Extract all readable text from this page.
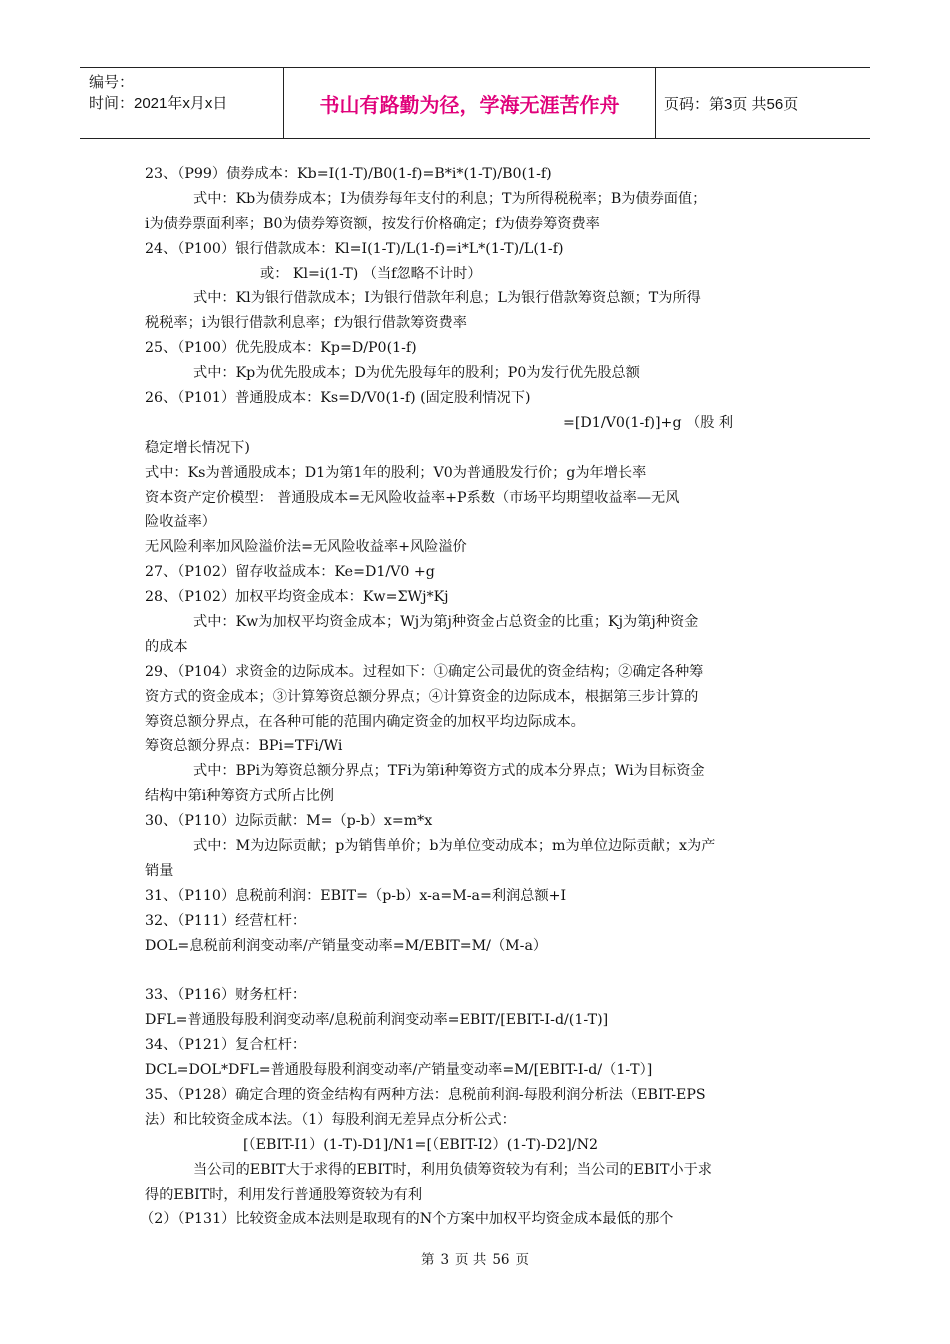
编号：
时间：2021年x月x日	书山有路勤为径，学海无涯苦作舟	页码：第3页 共56页
23、（P99）债券成本：Kb=I(1-T)/B0(1-f)=B*i*(1-T)/B0(1-f)
式中：Kb为债券成本；I为债券每年支付的利息；T为所得税税率；B为债券面值；
i为债券票面利率；B0为债券筹资额，按发行价格确定；f为债券筹资费率
24、（P100）银行借款成本：Kl=I(1-T)/L(1-f)=i*L*(1-T)/L(1-f)
或： Kl=i(1-T) （当f忽略不计时）
式中：Kl为银行借款成本；I为银行借款年利息；L为银行借款筹资总额；T为所得
税税率；i为银行借款利息率；f为银行借款筹资费率
25、（P100）优先股成本：Kp=D/P0(1-f)
式中：Kp为优先股成本；D为优先股每年的股利；P0为发行优先股总额
26、（P101）普通股成本：Ks=D/V0(1-f) (固定股利情况下)
=[D1/V0(1-f)]+g （股 利
稳定增长情况下)
式中：Ks为普通股成本；D1为第1年的股利；V0为普通股发行价；g为年增长率
资本资产定价模型： 普通股成本=无风险收益率+P系数（市场平均期望收益率—无风
险收益率）
无风险利率加风险溢价法=无风险收益率+风险溢价
27、（P102）留存收益成本：Ke=D1/V0 +g
28、（P102）加权平均资金成本：Kw=ΣWj*Kj
式中：Kw为加权平均资金成本；Wj为第j种资金占总资金的比重；Kj为第j种资金
的成本
29、（P104）求资金的边际成本。过程如下：①确定公司最优的资金结构；②确定各种筹
资方式的资金成本；③计算筹资总额分界点；④计算资金的边际成本，根据第三步计算的
筹资总额分界点，在各种可能的范围内确定资金的加权平均边际成本。
筹资总额分界点：BPi=TFi/Wi
式中：BPi为筹资总额分界点；TFi为第i种筹资方式的成本分界点；Wi为目标资金
结构中第i种筹资方式所占比例
30、（P110）边际贡献：M=（p-b）x=m*x
式中：M为边际贡献；p为销售单价；b为单位变动成本；m为单位边际贡献；x为产
销量
31、（P110）息税前利润：EBIT=（p-b）x-a=M-a=利润总额+I
32、（P111）经营杠杆：
DOL=息税前利润变动率/产销量变动率=M/EBIT=M/（M-a）
33、（P116）财务杠杆：
DFL=普通股每股利润变动率/息税前利润变动率=EBIT/[EBIT-I-d/(1-T)]
34、（P121）复合杠杆：
DCL=DOL*DFL=普通股每股利润变动率/产销量变动率=M/[EBIT-I-d/（1-T）]
35、（P128）确定合理的资金结构有两种方法：息税前利润-每股利润分析法（EBIT-EPS
法）和比较资金成本法。（1）每股利润无差异点分析公式：
[（EBIT-I1）(1-T)-D1]/N1=[（EBIT-I2）(1-T)-D2]/N2
当公司的EBIT大于求得的EBIT时，利用负债筹资较为有利；当公司的EBIT小于求
得的EBIT时，利用发行普通股筹资较为有利
（2）（P131）比较资金成本法则是取现有的N个方案中加权平均资金成本最低的那个
第 3 页 共 56 页
